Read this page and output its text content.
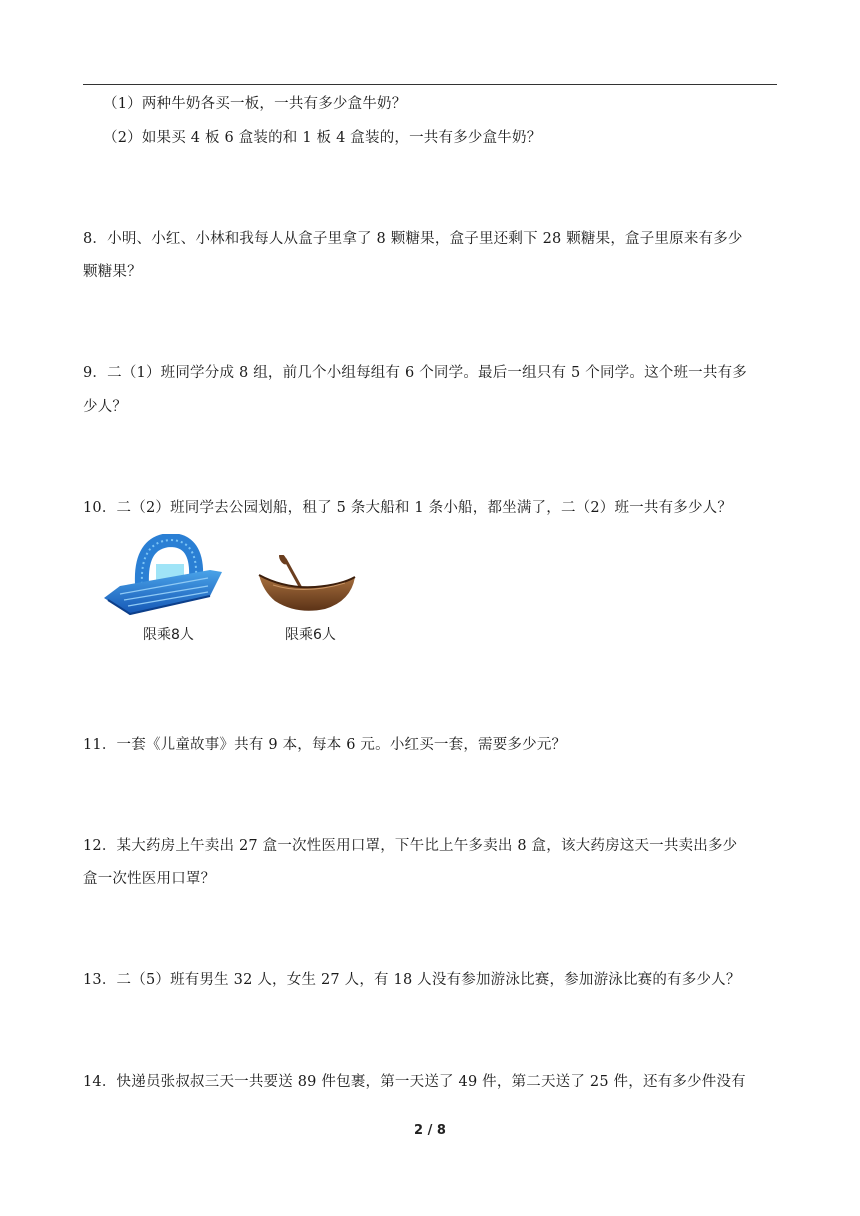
（1）两种牛奶各买一板，一共有多少盒牛奶？
（2）如果买 4 板 6 盒装的和 1 板 4 盒装的，一共有多少盒牛奶？
8．小明、小红、小林和我每人从盒子里拿了 8 颗糖果，盒子里还剩下 28 颗糖果，盒子里原来有多少
颗糖果？
9．二（1）班同学分成 8 组，前几个小组每组有 6 个同学。最后一组只有 5 个同学。这个班一共有多
少人？
10．二（2）班同学去公园划船，租了 5 条大船和 1 条小船，都坐满了，二（2）班一共有多少人？
限乘8人	限乘6人
11．一套《儿童故事》共有 9 本，每本 6 元。小红买一套，需要多少元？
12．某大药房上午卖出 27 盒一次性医用口罩，下午比上午多卖出 8 盒，该大药房这天一共卖出多少
盒一次性医用口罩？
13．二（5）班有男生 32 人，女生 27 人，有 18 人没有参加游泳比赛，参加游泳比赛的有多少人？
14．快递员张叔叔三天一共要送 89 件包裹，第一天送了 49 件，第二天送了 25 件，还有多少件没有
2 / 8
